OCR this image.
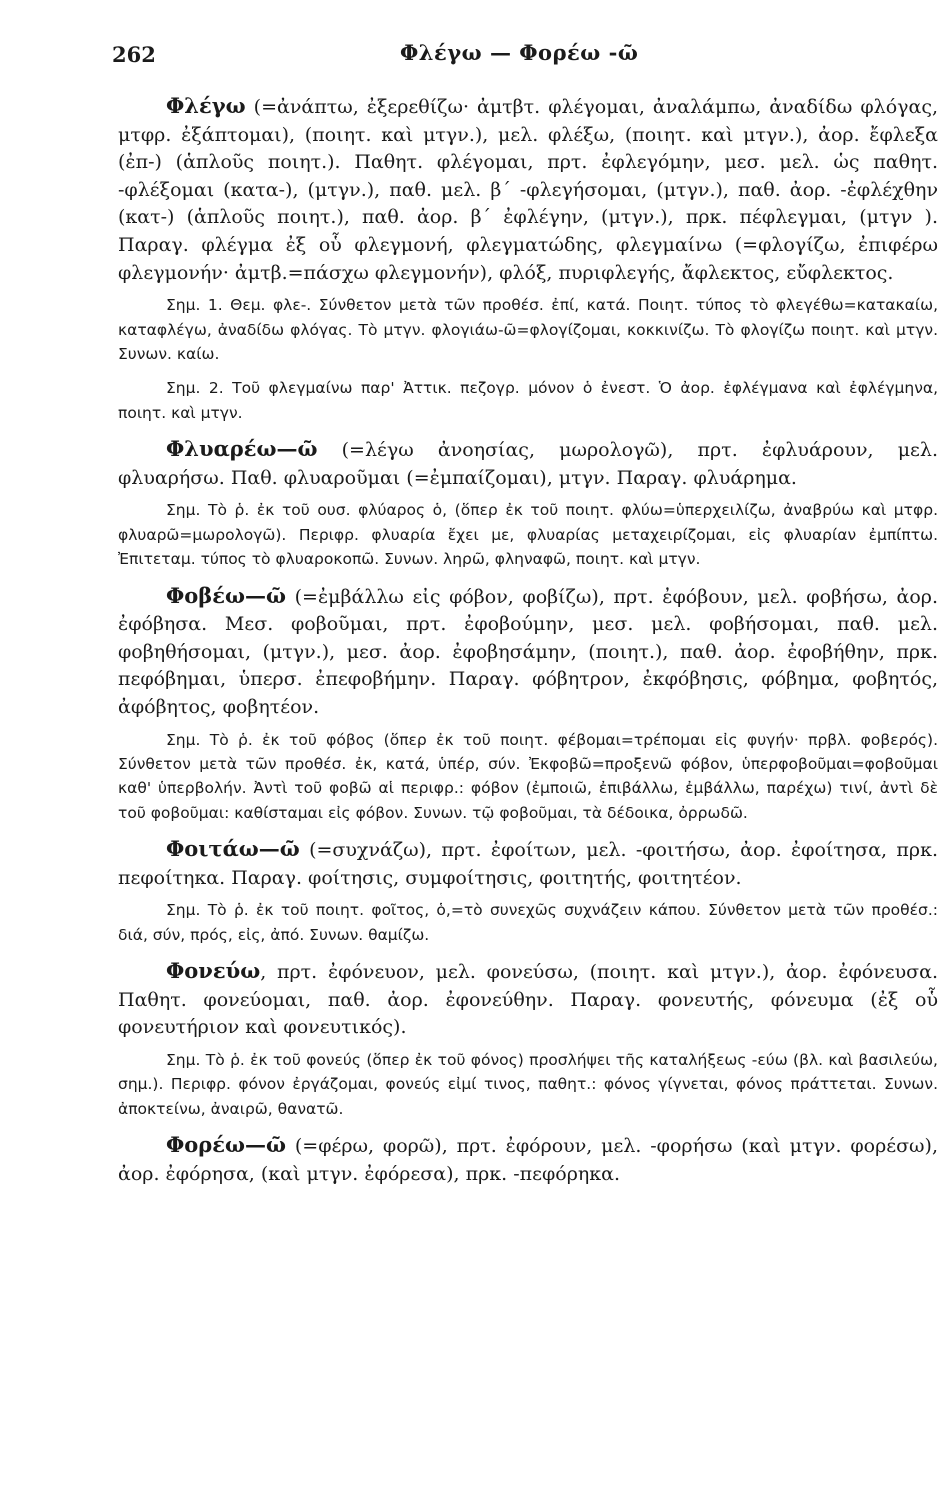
262	Φλέγω — Φορέω -ῶ

Φλέγω (=ἀνάπτω, ἐξερεθίζω· ἀμτβτ. φλέγομαι, ἀναλάμπω, ἀναδίδω φλόγας, μτφρ. ἐξάπτομαι), (ποιητ. καὶ μτγν.), μελ. φλέξω, (ποιητ. καὶ μτγν.), ἀορ. ἔφλεξα (ἐπ-) (ἁπλοῦς ποιητ.). Παθητ. φλέγομαι, πρτ. ἐφλεγόμην, μεσ. μελ. ὡς παθητ. -φλέξομαι (κατα-), (μτγν.), παθ. μελ. β΄ -φλεγήσομαι, (μτγν.), παθ. ἀορ. -ἐφλέχθην (κατ-) (ἁπλοῦς ποιητ.), παθ. ἀορ. β΄ ἐφλέγην, (μτγν.), πρκ. πέφλεγμαι, (μτγν ). Παραγ. φλέγμα ἐξ οὗ φλεγμονή, φλεγματώδης, φλεγμαίνω (=φλογίζω, ἐπιφέρω φλεγμονήν· ἀμτβ.=πάσχω φλεγμονήν), φλόξ, πυριφλεγής, ἄφλεκτος, εὔφλεκτος.

Σημ. 1. Θεμ. φλε-. Σύνθετον μετὰ τῶν προθέσ. ἐπί, κατά. Ποιητ. τύπος τὸ φλεγέθω=κατακαίω, καταφλέγω, ἀναδίδω φλόγας. Τὸ μτγν. φλογιάω-ῶ=φλογίζομαι, κοκκινίζω. Τὸ φλογίζω ποιητ. καὶ μτγν. Συνων. καίω.

Σημ. 2. Τοῦ φλεγμαίνω παρ' Ἀττικ. πεζογρ. μόνον ὁ ἐνεστ. Ὁ ἀορ. ἐφλέγμανα καὶ ἐφλέγμηνα, ποιητ. καὶ μτγν.

Φλυαρέω—ῶ (=λέγω ἀνοησίας, μωρολογῶ), πρτ. ἐφλυάρουν, μελ. φλυαρήσω. Παθ. φλυαροῦμαι (=ἐμπαίζομαι), μτγν. Παραγ. φλυάρημα.

Σημ. Τὸ ῥ. ἐκ τοῦ ουσ. φλύαρος ὁ, (ὅπερ ἐκ τοῦ ποιητ. φλύω=ὑπερχειλίζω, ἀναβρύω καὶ μτφρ. φλυαρῶ=μωρολογῶ). Περιφρ. φλυαρία ἔχει με, φλυαρίας μεταχειρίζομαι, εἰς φλυαρίαν ἐμπίπτω. Ἐπιτεταμ. τύπος τὸ φλυαροκοπῶ. Συνων. ληρῶ, φληναφῶ, ποιητ. καὶ μτγν.

Φοβέω—ῶ (=ἐμβάλλω εἰς φόβον, φοβίζω), πρτ. ἐφόβουν, μελ. φοβήσω, ἀορ. ἐφόβησα. Μεσ. φοβοῦμαι, πρτ. ἐφοβούμην, μεσ. μελ. φοβήσομαι, παθ. μελ. φοβηθήσομαι, (μτγν.), μεσ. ἀορ. ἐφοβησάμην, (ποιητ.), παθ. ἀορ. ἐφοβήθην, πρκ. πεφόβημαι, ὑπερσ. ἐπεφοβήμην. Παραγ. φόβητρον, ἐκφόβησις, φόβημα, φοβητός, ἀφόβητος, φοβητέον.

Σημ. Τὸ ῥ. ἐκ τοῦ φόβος (ὅπερ ἐκ τοῦ ποιητ. φέβομαι=τρέπομαι εἰς φυγήν· πρβλ. φοβερός). Σύνθετον μετὰ τῶν προθέσ. ἐκ, κατά, ὑπέρ, σύν. Ἐκφοβῶ=προξενῶ φόβον, ὑπερφοβοῦμαι=φοβοῦμαι καθ' ὑπερβολήν. Ἀντὶ τοῦ φοβῶ αἱ περιφρ.: φόβον (ἐμποιῶ, ἐπιβάλλω, ἐμβάλλω, παρέχω) τινί, ἀντὶ δὲ τοῦ φοβοῦμαι: καθίσταμαι εἰς φόβον. Συνων. τῷ φοβοῦμαι, τὰ δέδοικα, ὀρρωδῶ.

Φοιτάω—ῶ (=συχνάζω), πρτ. ἐφοίτων, μελ. -φοιτήσω, ἀορ. ἐφοίτησα, πρκ. πεφοίτηκα. Παραγ. φοίτησις, συμφοίτησις, φοιτητής, φοιτητέον.

Σημ. Τὸ ῥ. ἐκ τοῦ ποιητ. φοῖτος, ὁ,=τὸ συνεχῶς συχνάζειν κάπου. Σύνθετον μετὰ τῶν προθέσ.: διά, σύν, πρός, εἰς, ἀπό. Συνων. θαμίζω.

Φονεύω, πρτ. ἐφόνευον, μελ. φονεύσω, (ποιητ. καὶ μτγν.), ἀορ. ἐφόνευσα. Παθητ. φονεύομαι, παθ. ἀορ. ἐφονεύθην. Παραγ. φονευτής, φόνευμα (ἐξ οὗ φονευτήριον καὶ φονευτικός).

Σημ. Τὸ ῥ. ἐκ τοῦ φονεύς (ὅπερ ἐκ τοῦ φόνος) προσλήψει τῆς καταλήξεως -εύω (βλ. καὶ βασιλεύω, σημ.). Περιφρ. φόνον ἐργάζομαι, φονεύς εἰμί τινος, παθητ.: φόνος γίγνεται, φόνος πράττεται. Συνων. ἀποκτείνω, ἀναιρῶ, θανατῶ.

Φορέω—ῶ (=φέρω, φορῶ), πρτ. ἐφόρουν, μελ. -φορήσω (καὶ μτγν. φορέσω), ἀορ. ἐφόρησα, (καὶ μτγν. ἐφόρεσα), πρκ. -πεφόρηκα.
